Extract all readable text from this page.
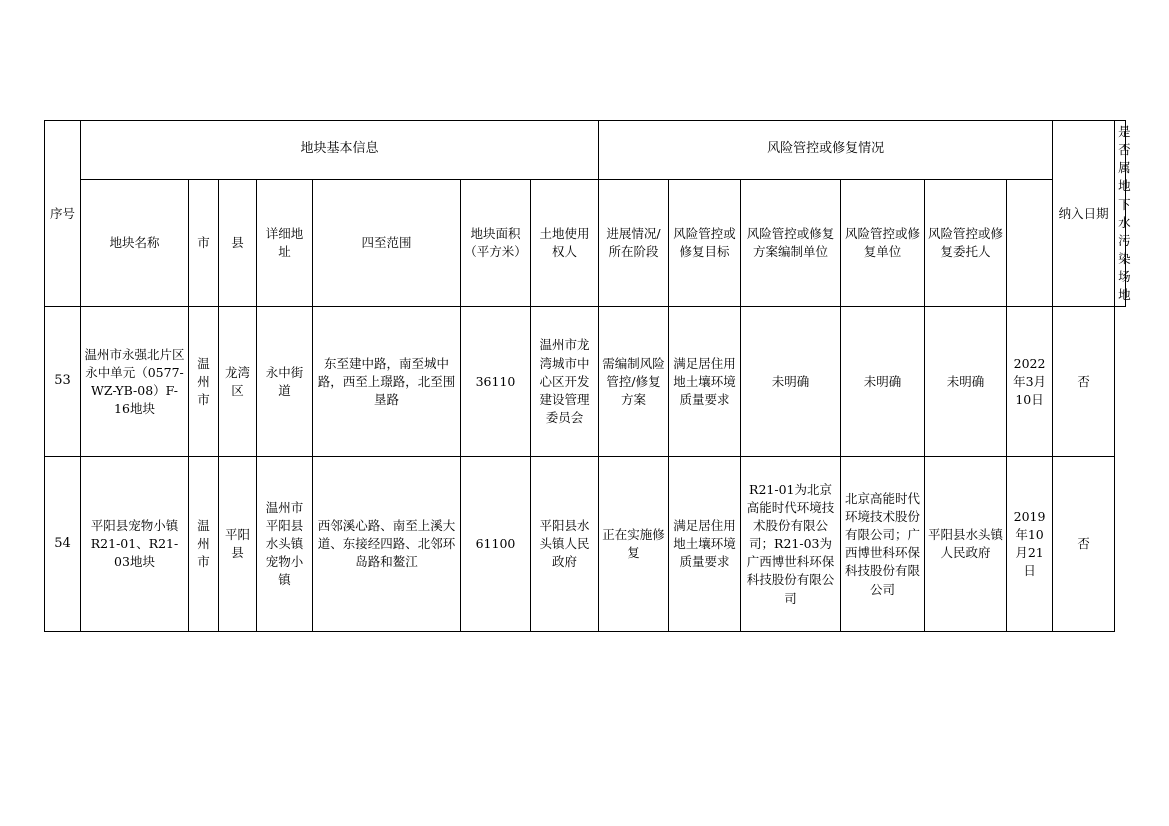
序号	地块基本信息							风险管控或修复情况						纳入日期	是否属地下水污染场地
	地块名称	市	县	详细地址	四至范围	地块面积（平方米）	土地使用权人	进展情况/所在阶段	风险管控或修复目标	风险管控或修复方案编制单位	风险管控或修复单位	风险管控或修复委托人			
53	温州市永强北片区永中单元（0577-WZ-YB-08）F-16地块	温州市	龙湾区	永中街道	东至建中路，南至城中路，西至上璟路，北至围垦路	36110	温州市龙湾城市中心区开发建设管理委员会	需编制风险管控/修复方案	满足居住用地土壤环境质量要求	未明确	未明确	未明确	2022年3月10日	否	
54	平阳县宠物小镇R21-01、R21-03地块	温州市	平阳县	温州市平阳县水头镇宠物小镇	西邻溪心路、南至上溪大道、东接经四路、北邻环岛路和鳌江	61100	平阳县水头镇人民政府	正在实施修复	满足居住用地土壤环境质量要求	R21-01为北京高能时代环境技术股份有限公司；R21-03为广西博世科环保科技股份有限公司	北京高能时代环境技术股份有限公司；广西博世科环保科技股份有限公司	平阳县水头镇人民政府	2019年10月21日	否	
